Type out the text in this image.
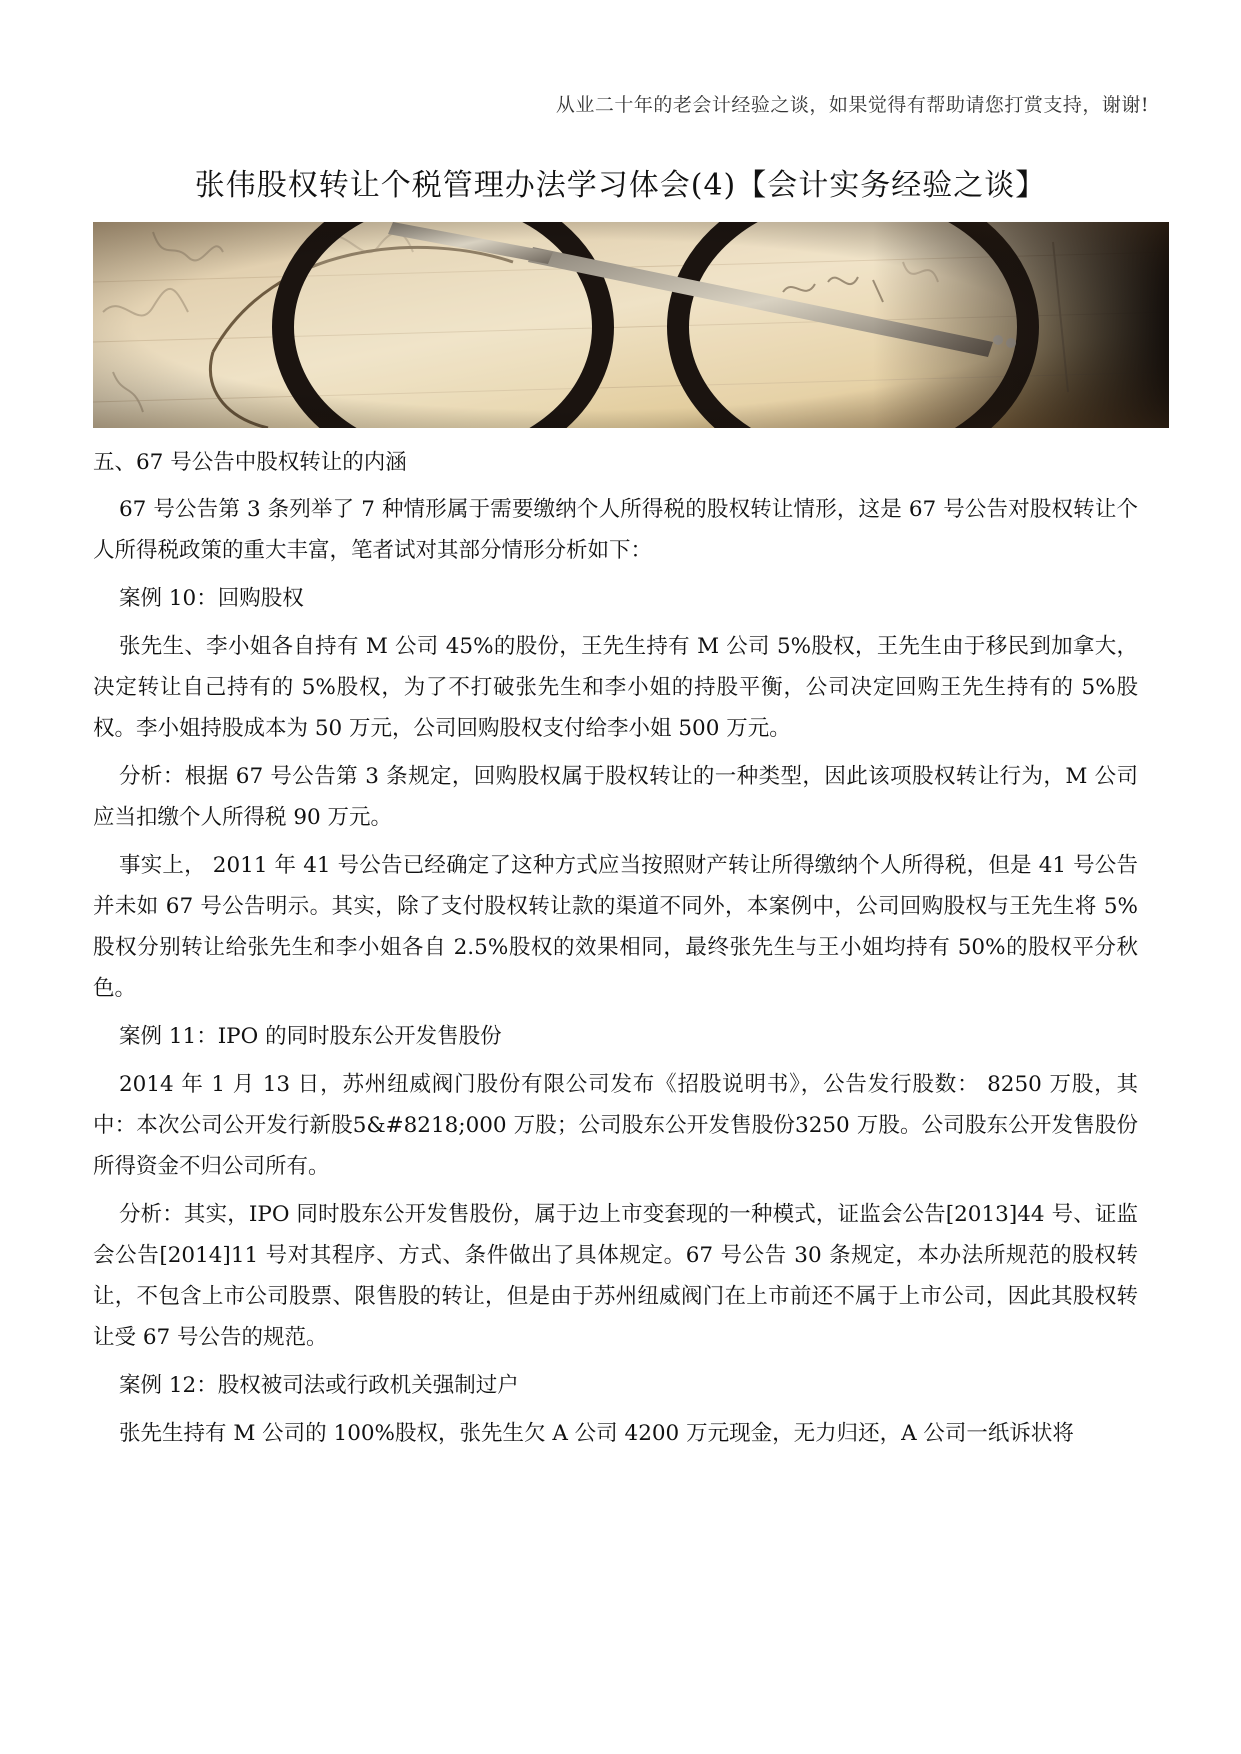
从业二十年的老会计经验之谈，如果觉得有帮助请您打赏支持，谢谢!
张伟股权转让个税管理办法学习体会(4)【会计实务经验之谈】

五、67 号公告中股权转让的内涵

67 号公告第 3 条列举了 7 种情形属于需要缴纳个人所得税的股权转让情形，这是 67 号公告对股权转让个人所得税政策的重大丰富，笔者试对其部分情形分析如下：

案例 10：回购股权

张先生、李小姐各自持有 M 公司 45%的股份，王先生持有 M 公司 5%股权，王先生由于移民到加拿大，决定转让自己持有的 5%股权，为了不打破张先生和李小姐的持股平衡，公司决定回购王先生持有的 5%股权。李小姐持股成本为 50 万元，公司回购股权支付给李小姐 500 万元。

分析：根据 67 号公告第 3 条规定，回购股权属于股权转让的一种类型，因此该项股权转让行为，M 公司应当扣缴个人所得税 90 万元。

事实上， 2011 年 41 号公告已经确定了这种方式应当按照财产转让所得缴纳个人所得税，但是 41 号公告并未如 67 号公告明示。其实，除了支付股权转让款的渠道不同外，本案例中，公司回购股权与王先生将 5%股权分别转让给张先生和李小姐各自 2.5%股权的效果相同，最终张先生与王小姐均持有 50%的股权平分秋色。

案例 11：IPO 的同时股东公开发售股份

2014 年 1 月 13 日，苏州纽威阀门股份有限公司发布《招股说明书》，公告发行股数： 8250 万股，其中：本次公司公开发行新股5&#8218;000 万股；公司股东公开发售股份3250 万股。公司股东公开发售股份所得资金不归公司所有。

分析：其实，IPO 同时股东公开发售股份，属于边上市变套现的一种模式，证监会公告[2013]44 号、证监会公告[2014]11 号对其程序、方式、条件做出了具体规定。67 号公告 30 条规定，本办法所规范的股权转让，不包含上市公司股票、限售股的转让，但是由于苏州纽威阀门在上市前还不属于上市公司，因此其股权转让受 67 号公告的规范。

案例 12：股权被司法或行政机关强制过户

张先生持有 M 公司的 100%股权，张先生欠 A 公司 4200 万元现金，无力归还，A 公司一纸诉状将
